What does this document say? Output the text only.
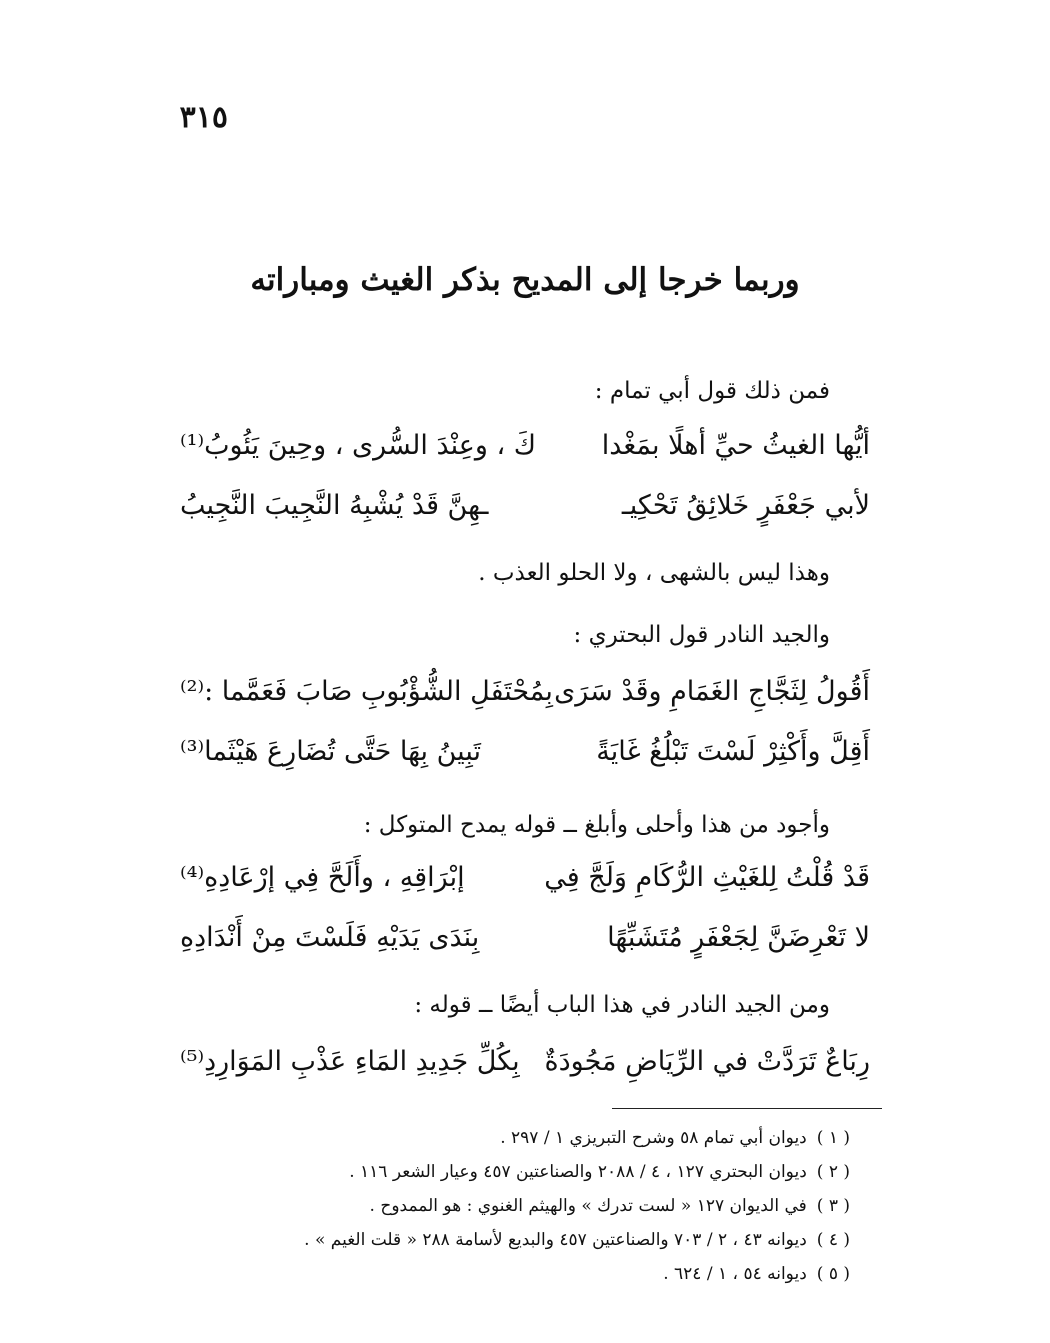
٣١٥
وربما خرجا إلى المديح بذكر الغيث ومباراته
فمن ذلك قول أبي تمام :
أيُّها الغيثُ حيِّ أهلًا بمَغْدا
كَ ، وعِنْدَ السُّرى ، وحِينَ يَئُوبُ⁽¹⁾
لأبي جَعْفَرٍ خَلائِقُ تَحْكِيـ
ـهِنَّ قَدْ يُشْبِهُ النَّجِيبَ النَّجِيبُ
وهذا ليس بالشهى ، ولا الحلو العذب .
والجيد النادر قول البحتري :
أَقُولُ لِثَجَّاجِ الغَمَامِ وقَدْ سَرَى
بِمُحْتَفَلِ الشُّؤْبُوبِ صَابَ فَعَمَّما :⁽²⁾
أَقِلَّ وأَكْثِرْ لَسْتَ تَبْلُغُ غَايَةً
تَبِينُ بِهَا حَتَّى تُضَارِعَ هَيْثَما⁽³⁾
وأجود من هذا وأحلى وأبلغ ــ قوله يمدح المتوكل :
قَدْ قُلْتُ لِلغَيْثِ الرُّكَامِ وَلَجَّ فِي
إبْرَاقِهِ ، وأَلَحَّ فِي إرْعَادِهِ⁽⁴⁾
لا تَعْرِضَنَّ لِجَعْفَرٍ مُتَشَبِّهًا
بِنَدَى يَدَيْهِ فَلَسْتَ مِنْ أَنْدَادِهِ
ومن الجيد النادر في هذا الباب أيضًا ــ قوله :
رِبَاعٌ تَرَدَّتْ في الرِّيَاضِ مَجُودَةٌ
بِكُلِّ جَدِيدِ المَاءِ عَذْبِ المَوَارِدِ⁽⁵⁾
( ١ )ديوان أبي تمام ٥٨ وشرح التبريزي ١ / ٢٩٧ .
( ٢ )ديوان البحتري ١٢٧ ، ٤ / ٢٠٨٨ والصناعتين ٤٥٧ وعيار الشعر ١١٦ .
( ٣ )في الديوان ١٢٧ « لست تدرك » والهيثم الغنوي : هو الممدوح .
( ٤ )ديوانه ٤٣ ، ٢ / ٧٠٣ والصناعتين ٤٥٧ والبديع لأسامة ٢٨٨ « قلت الغيم » .
( ٥ )ديوانه ٥٤ ، ١ / ٦٢٤ .
